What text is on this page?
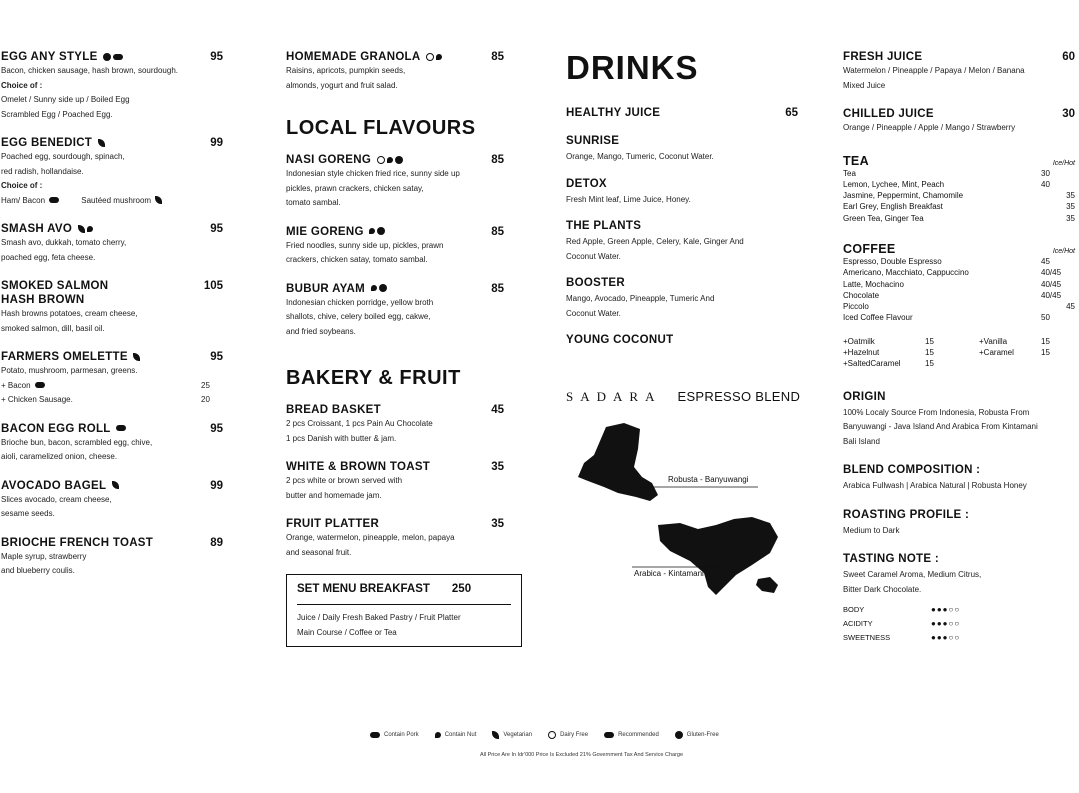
EGG ANY STYLE	95
Bacon, chicken sausage, hash brown, sourdough.
Choice of :
Omelet / Sunny side up / Boiled Egg
Scrambled Egg / Poached Egg.
EGG BENEDICT	99
Poached egg, sourdough, spinach,
red radish, hollandaise.
Choice of :
Ham/ Bacon	Sautéed mushroom
SMASH AVO	95
Smash avo, dukkah, tomato cherry,
poached egg, feta cheese.
SMOKED SALMON	105
HASH BROWN
Hash browns potatoes, cream cheese,
smoked salmon, dill, basil oil.
FARMERS OMELETTE	95
Potato, mushroom, parmesan, greens.
+ Bacon	25
+ Chicken Sausage.	20
BACON EGG ROLL	95
Brioche bun, bacon, scrambled egg, chive,
aioli, caramelized onion, cheese.
AVOCADO BAGEL	99
Slices avocado, cream cheese,
sesame seeds.
BRIOCHE FRENCH TOAST	89
Maple syrup, strawberry
and blueberry coulis.
HOMEMADE GRANOLA	85
Raisins, apricots, pumpkin seeds,
almonds, yogurt and fruit salad.
LOCAL FLAVOURS
NASI GORENG	85
Indonesian style chicken fried rice, sunny side up
pickles, prawn crackers, chicken satay,
tomato sambal.
MIE GORENG	85
Fried noodles, sunny side up, pickles, prawn
crackers, chicken satay, tomato sambal.
BUBUR AYAM	85
Indonesian chicken porridge, yellow broth
shallots, chive, celery boiled egg, cakwe,
and fried soybeans.
BAKERY & FRUIT
BREAD BASKET	45
2 pcs Croissant, 1 pcs Pain Au Chocolate
1 pcs Danish with butter & jam.
WHITE & BROWN TOAST	35
2 pcs white or brown served with
butter and homemade jam.
FRUIT PLATTER	35
Orange, watermelon, pineapple, melon, papaya
and seasonal fruit.
SET MENU BREAKFAST 250
Juice / Daily Fresh Baked Pastry / Fruit Platter
Main Course / Coffee or Tea
DRINKS
HEALTHY JUICE	65
SUNRISE
Orange, Mango, Tumeric, Coconut Water.
DETOX
Fresh Mint leaf, Lime Juice, Honey.
THE PLANTS
Red Apple, Green Apple, Celery, Kale, Ginger And
Coconut Water.
BOOSTER
Mango, Avocado, Pineapple, Tumeric And
Coconut Water.
YOUNG COCONUT
SADARA ESPRESSO BLEND
Robusta - Banyuwangi
Arabica - Kintamani
FRESH JUICE	60
Watermelon / Pineapple / Papaya / Melon / Banana
Mixed Juice
CHILLED JUICE	30
Orange / Pineapple / Apple / Mango / Strawberry
TEA	Ice/Hot
Tea	30
Lemon, Lychee, Mint, Peach	40
Jasmine, Peppermint, Chamomile	35
Earl Grey, English Breakfast	35
Green Tea, Ginger Tea	35
COFFEE	Ice/Hot
Espresso, Double Espresso	45
Americano, Macchiato, Cappuccino	40/45
Latte, Mochacino	40/45
Chocolate	40/45
Piccolo	45
Iced Coffee Flavour	50
+Oatmilk	15	+Vanilla	15
+Hazelnut	15	+Caramel	15
+SaltedCaramel	15
ORIGIN
100% Localy Source From Indonesia, Robusta From
Banyuwangi - Java Island And Arabica From Kintamani
Bali Island
BLEND COMPOSITION :
Arabica Fullwash | Arabica Natural | Robusta Honey
ROASTING PROFILE :
Medium to Dark
TASTING NOTE :
Sweet Caramel Aroma, Medium Citrus,
Bitter Dark Chocolate.
BODY	●●●○○
ACIDITY	●●●○○
SWEETNESS	●●●○○
Contain Pork	Contain Nut	Vegetarian	Dairy Free	Recommended	Gluten-Free
All Price Are In Idr'000 Price Is Excluded 21% Government Tax And Service Charge
